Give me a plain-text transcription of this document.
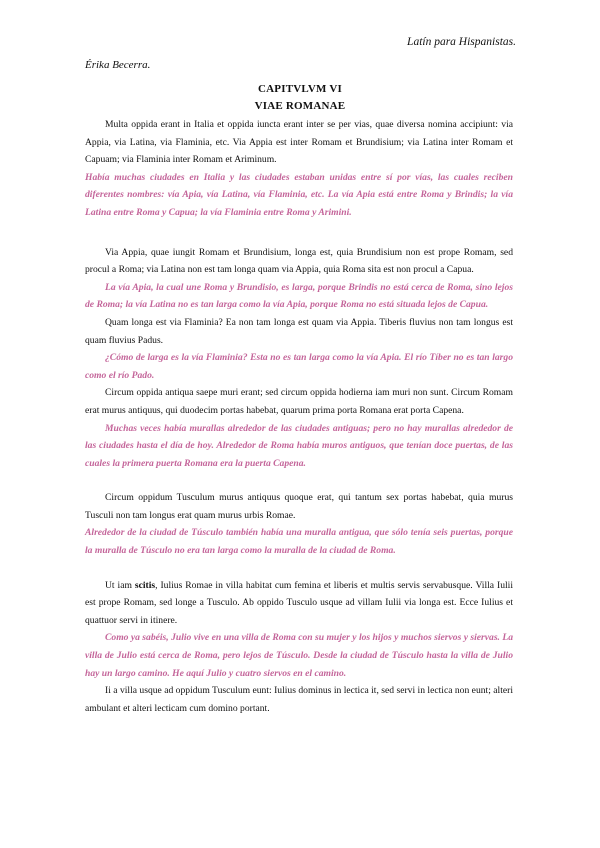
Latín para Hispanistas.
Érika Becerra.
CAPITVLVM VI
VIAE ROMANAE

Multa oppida erant in Italia et oppida iuncta erant inter se per vias, quae diversa nomina accipiunt: via Appia, via Latina, via Flaminia, etc. Via Appia est inter Romam et Brundisium; via Latina inter Romam et Capuam; via Flaminia inter Romam et Ariminum.

Había muchas ciudades en Italia y las ciudades estaban unidas entre sí por vías, las cuales reciben diferentes nombres: vía Apia, vía Latina, vía Flaminia, etc. La vía Apia está entre Roma y Brindis; la vía Latina entre Roma y Capua; la vía Flaminia entre Roma y Arimini.

Via Appia, quae iungit Romam et Brundisium, longa est, quia Brundisium non est prope Romam, sed procul a Roma; via Latina non est tam longa quam via Appia, quia Roma sita est non procul a Capua.

La vía Apia, la cual une Roma y Brundisio, es larga, porque Brindis no está cerca de Roma, sino lejos de Roma; la vía Latina no es tan larga como la vía Apia, porque Roma no está situada lejos de Capua.

Quam longa est via Flaminia? Ea non tam longa est quam via Appia. Tiberis fluvius non tam longus est quam fluvius Padus.

¿Cómo de larga es la vía Flaminia? Esta no es tan larga como la vía Apia. El río Tíber no es tan largo como el río Pado.

Circum oppida antiqua saepe muri erant; sed circum oppida hodierna iam muri non sunt. Circum Romam erat murus antiquus, qui duodecim portas habebat, quarum prima porta Romana erat porta Capena.

Muchas veces había murallas alrededor de las ciudades antiguas; pero no hay murallas alrededor de las ciudades hasta el día de hoy. Alrededor de Roma había muros antiguos, que tenían doce puertas, de las cuales la primera puerta Romana era la puerta Capena.

Circum oppidum Tusculum murus antiquus quoque erat, qui tantum sex portas habebat, quia murus Tusculi non tam longus erat quam murus urbis Romae.

Alrededor de la ciudad de Túsculo también había una muralla antigua, que sólo tenía seis puertas, porque la muralla de Túsculo no era tan larga como la muralla de la ciudad de Roma.

Ut iam scitis, Iulius Romae in villa habitat cum femina et liberis et multis servis servabusque. Villa Iulii est prope Romam, sed longe a Tusculo. Ab oppido Tusculo usque ad villam Iulii via longa est. Ecce Iulius et quattuor servi in itinere.

Como ya sabéis, Julio vive en una villa de Roma con su mujer y los hijos y muchos siervos y siervas. La villa de Julio está cerca de Roma, pero lejos de Túsculo. Desde la ciudad de Túsculo hasta la villa de Julio hay un largo camino. He aquí Julio y cuatro siervos en el camino.

Ii a villa usque ad oppidum Tusculum eunt: Iulius dominus in lectica it, sed servi in lectica non eunt; alteri ambulant et alteri lecticam cum domino portant.
